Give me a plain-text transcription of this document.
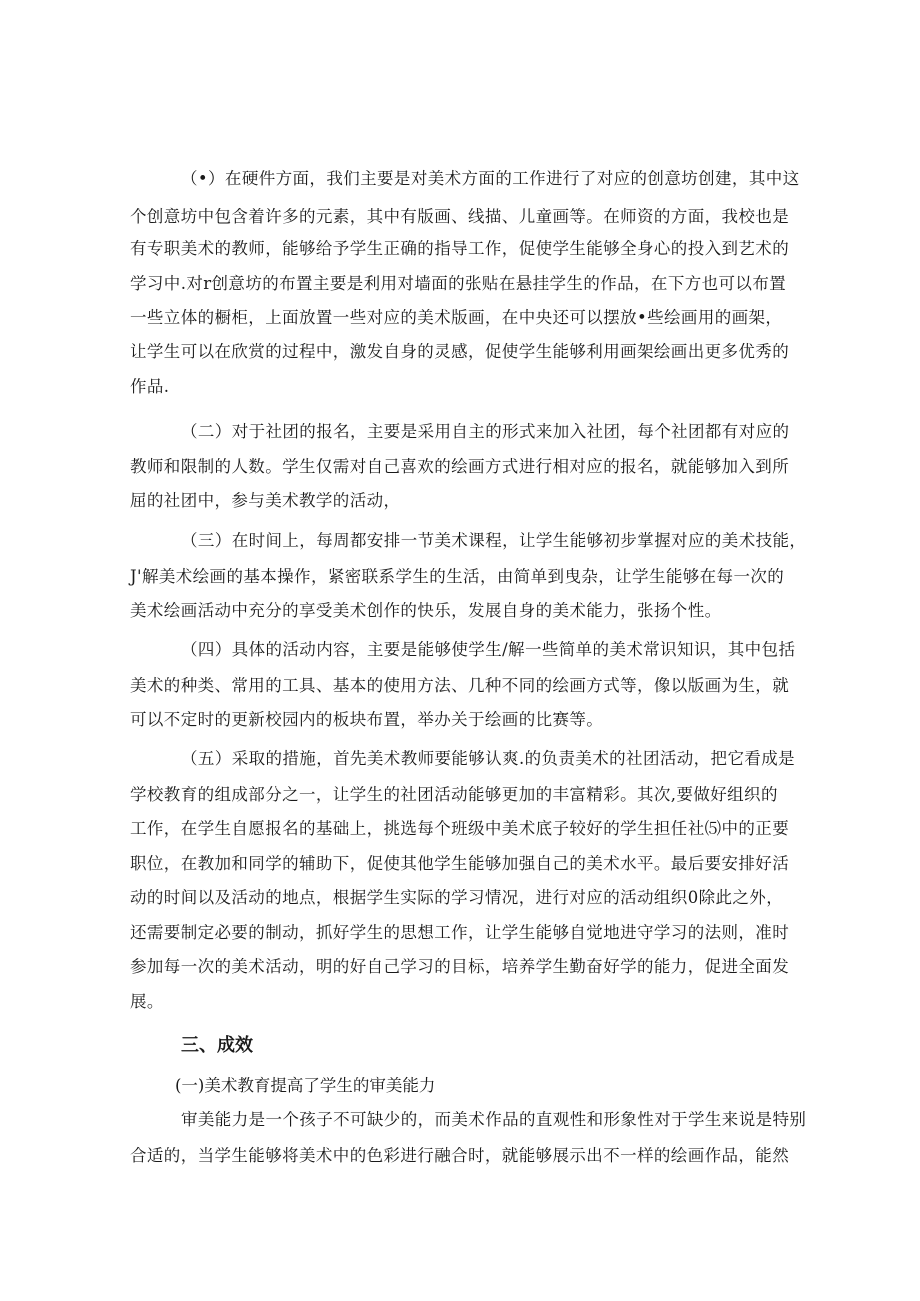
（•）在硬件方面，我们主要是对美术方面的工作进行了对应的创意坊创建，其中这
个创意坊中包含着许多的元素，其中有版画、线描、儿童画等。在师资的方面，我校也是
有专职美术的教师，能够给予学生正确的指导工作，促使学生能够全身心的投入到艺术的
学习中.对r创意坊的布置主要是利用对墙面的张贴在悬挂学生的作品，在下方也可以布置
一些立体的橱柜，上面放置一些对应的美术版画，在中央还可以摆放•些绘画用的画架，
让学生可以在欣赏的过程中，激发自身的灵感，促使学生能够利用画架绘画出更多优秀的
作品.
（二）对于社团的报名，主要是采用自主的形式来加入社团，每个社团都有对应的
教师和限制的人数。学生仅需对自己喜欢的绘画方式进行相对应的报名，就能够加入到所
屈的社团中，参与美术教学的活动，
（三）在时间上，每周都安排一节美术课程，让学生能够初步掌握对应的美术技能，
J'解美术绘画的基本操作，紧密联系学生的生活，由简单到曳杂，让学生能够在每一次的
美术绘画活动中充分的享受美术创作的快乐，发展自身的美术能力，张扬个性。
（四）具体的活动内容，主要是能够使学生/解一些简单的美术常识知识，其中包括
美术的种类、常用的工具、基本的使用方法、几种不同的绘画方式等，像以版画为生，就
可以不定时的更新校园内的板块布置，举办关于绘画的比赛等。
（五）采取的措施，首先美术教师要能够认爽.的负责美术的社团活动，把它看成是
学校教育的组成部分之一，让学生的社团活动能够更加的丰富精彩。其次,要做好组织的
工作，在学生自愿报名的基础上，挑选每个班级中美术底子较好的学生担任社⑸中的正要
职位，在教加和同学的辅助下，促使其他学生能够加强自己的美术水平。最后要安排好活
动的时间以及活动的地点，根据学生实际的学习情况，进行对应的活动组织0除此之外，
还需要制定必要的制动，抓好学生的思想工作，让学生能够自觉地进守学习的法则，准时
参加每一次的美术活动，明的好自己学习的目标，培养学生勤奋好学的能力，促进全面发
展。
三、成效
(一)美术教育提高了学生的审美能力
审美能力是一个孩子不可缺少的，而美术作品的直观性和形象性对于学生来说是特别
合适的，当学生能够将美术中的色彩进行融合时，就能够展示出不一样的绘画作品，能然
